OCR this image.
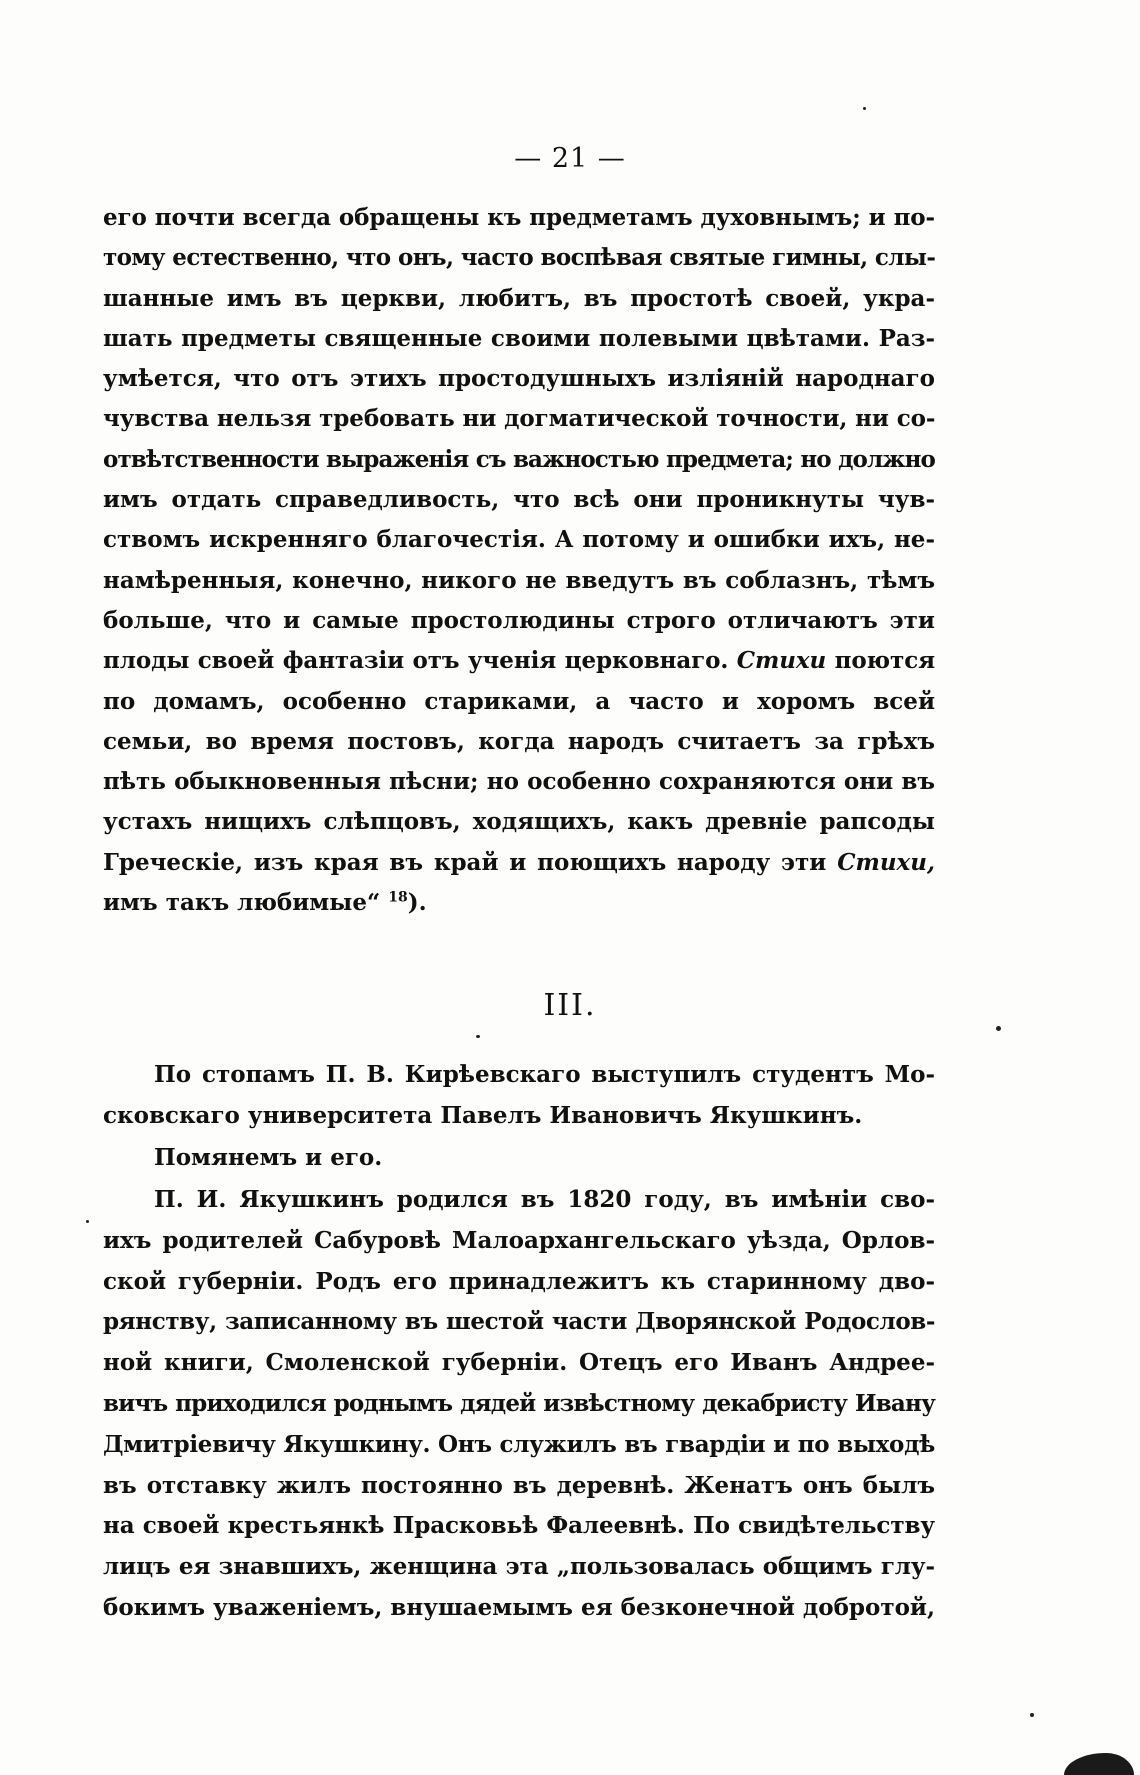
— 21 —
его почти всегда обращены къ предметамъ духовнымъ; и по-
тому естественно, что онъ, часто воспѣвая святые гимны, слы-
шанные имъ въ церкви, любитъ, въ простотѣ своей, укра-
шать предметы священные своими полевыми цвѣтами. Раз-
умѣется, что отъ этихъ простодушныхъ излiянiй народнаго
чувства нельзя требовать ни догматической точности, ни со-
отвѣтственности выраженiя съ важностью предмета; но должно
имъ отдать справедливость, что всѣ они проникнуты чув-
ствомъ искренняго благочестiя. А потому и ошибки ихъ, не-
намѣренныя, конечно, никого не введутъ въ соблазнъ, тѣмъ
больше, что и самые простолюдины строго отличаютъ эти
плоды своей фантазiи отъ ученiя церковнаго. Стихи поются
по домамъ, особенно стариками, а часто и хоромъ всей
семьи, во время постовъ, когда народъ считаетъ за грѣхъ
пѣть обыкновенныя пѣсни; но особенно сохраняются они въ
устахъ нищихъ слѣпцовъ, ходящихъ, какъ древнiе рапсоды
Греческiе, изъ края въ край и поющихъ народу эти Стихи,
имъ такъ любимые“ $^{18}$).
III.
По стопамъ П. В. Кирѣевскаго выступилъ студентъ Мо-
сковскаго университета Павелъ Ивановичъ Якушкинъ.
Помянемъ и его.
П. И. Якушкинъ родился въ 1820 году, въ имѣнiи сво-
ихъ родителей Сабуровѣ Малоархангельскаго уѣзда, Орлов-
ской губернiи. Родъ его принадлежитъ къ старинному дво-
рянству, записанному въ шестой части Дворянской Родослов-
ной книги, Смоленской губернiи. Отецъ его Иванъ Андрее-
вичъ приходился роднымъ дядей извѣстному декабристу Ивану
Дмитрiевичу Якушкину. Онъ служилъ въ гвардiи и по выходѣ
въ отставку жилъ постоянно въ деревнѣ. Женатъ онъ былъ
на своей крестьянкѣ Прасковьѣ Фалеевнѣ. По свидѣтельству
лицъ ея знавшихъ, женщина эта „пользовалась общимъ глу-
бокимъ уваженiемъ, внушаемымъ ея безконечной добротой,
